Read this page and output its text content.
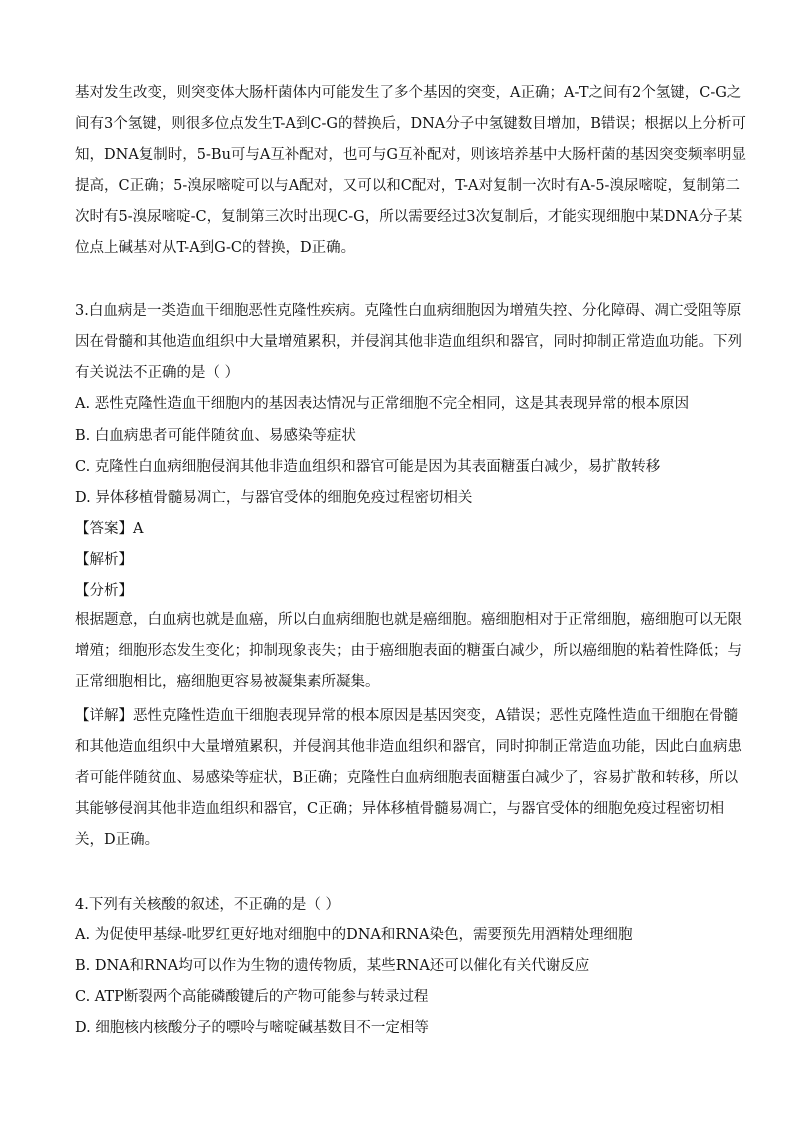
基对发生改变，则突变体大肠杆菌体内可能发生了多个基因的突变，A正确；A-T之间有2个氢键，C-G之间有3个氢键，则很多位点发生T-A到C-G的替换后，DNA分子中氢键数目增加，B错误；根据以上分析可知，DNA复制时，5-Bu可与A互补配对，也可与G互补配对，则该培养基中大肠杆菌的基因突变频率明显提高，C正确；5-溴尿嘧啶可以与A配对，又可以和C配对，T-A对复制一次时有A-5-溴尿嘧啶，复制第二次时有5-溴尿嘧啶-C，复制第三次时出现C-G，所以需要经过3次复制后，才能实现细胞中某DNA分子某位点上碱基对从T-A到G-C的替换，D正确。

3.白血病是一类造血干细胞恶性克隆性疾病。克隆性白血病细胞因为增殖失控、分化障碍、凋亡受阻等原因在骨髓和其他造血组织中大量增殖累积，并侵润其他非造血组织和器官，同时抑制正常造血功能。下列有关说法不正确的是（ ）

A. 恶性克隆性造血干细胞内的基因表达情况与正常细胞不完全相同，这是其表现异常的根本原因
B. 白血病患者可能伴随贫血、易感染等症状
C. 克隆性白血病细胞侵润其他非造血组织和器官可能是因为其表面糖蛋白减少，易扩散转移
D. 异体移植骨髓易凋亡，与器官受体的细胞免疫过程密切相关
【答案】A
【解析】
【分析】

根据题意，白血病也就是血癌，所以白血病细胞也就是癌细胞。癌细胞相对于正常细胞，癌细胞可以无限增殖；细胞形态发生变化；抑制现象丧失；由于癌细胞表面的糖蛋白减少，所以癌细胞的粘着性降低；与正常细胞相比，癌细胞更容易被凝集素所凝集。

【详解】恶性克隆性造血干细胞表现异常的根本原因是基因突变，A错误；恶性克隆性造血干细胞在骨髓和其他造血组织中大量增殖累积，并侵润其他非造血组织和器官，同时抑制正常造血功能，因此白血病患者可能伴随贫血、易感染等症状，B正确；克隆性白血病细胞表面糖蛋白减少了，容易扩散和转移，所以其能够侵润其他非造血组织和器官，C正确；异体移植骨髓易凋亡，与器官受体的细胞免疫过程密切相关，D正确。

4.下列有关核酸的叙述，不正确的是（ ）

A. 为促使甲基绿-吡罗红更好地对细胞中的DNA和RNA染色，需要预先用酒精处理细胞
B. DNA和RNA均可以作为生物的遗传物质，某些RNA还可以催化有关代谢反应
C. ATP断裂两个高能磷酸键后的产物可能参与转录过程
D. 细胞核内核酸分子的嘌呤与嘧啶碱基数目不一定相等
